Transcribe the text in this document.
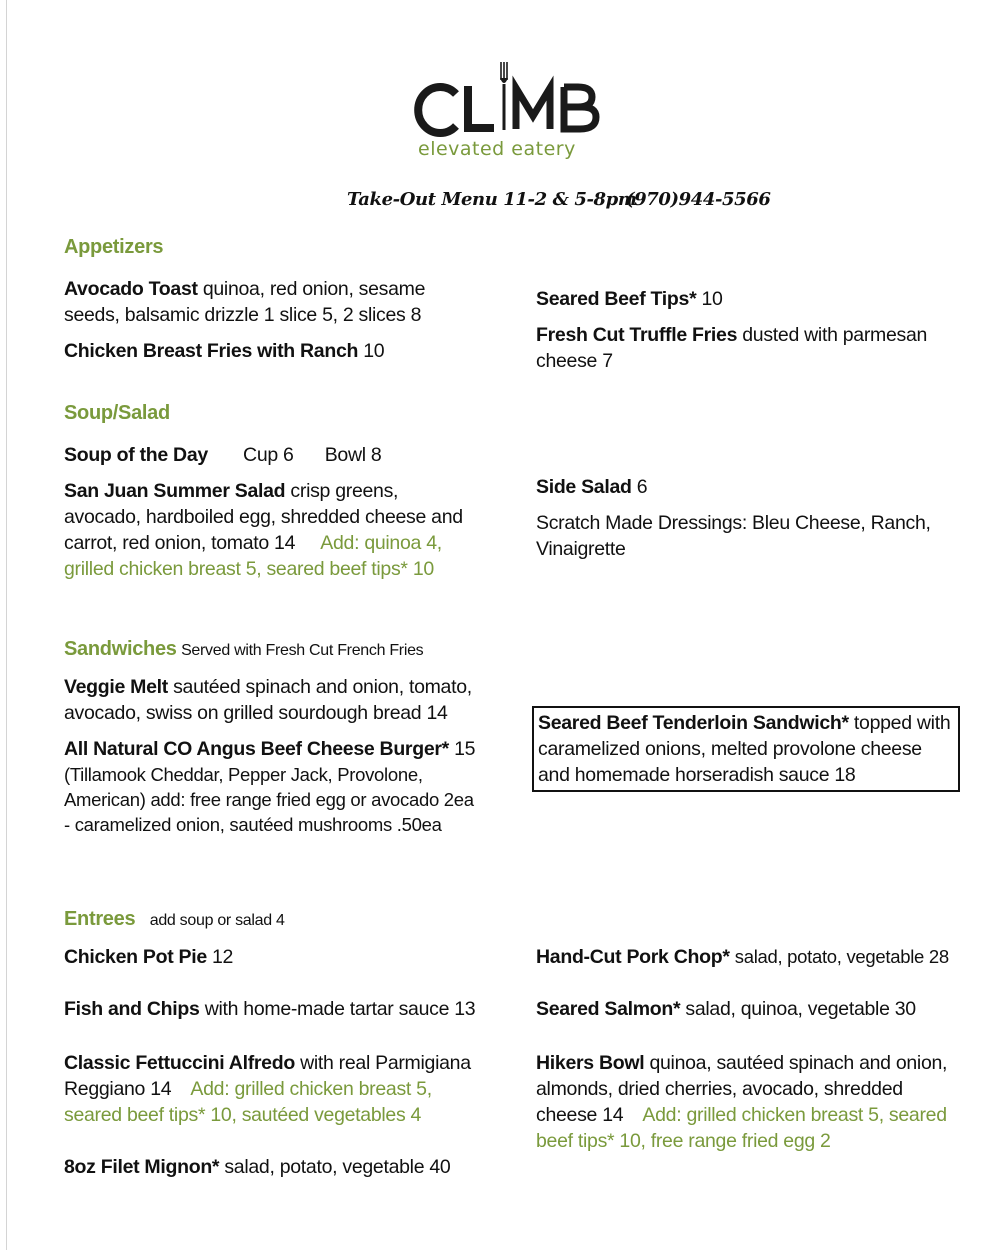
elevated eatery
Take-Out Menu 11-2 & 5-8pm
(970)944-5566
Appetizers
Avocado Toast quinoa, red onion, sesame seeds, balsamic drizzle 1 slice 5, 2 slices 8
Chicken Breast Fries with Ranch 10
Seared Beef Tips* 10
Fresh Cut Truffle Fries dusted with parmesan cheese 7
Soup/Salad
Soup of the Day Cup 6 Bowl 8
San Juan Summer Salad crisp greens, avocado, hardboiled egg, shredded cheese and carrot, red onion, tomato 14 Add: quinoa 4, grilled chicken breast 5, seared beef tips* 10
Side Salad 6
Scratch Made Dressings: Bleu Cheese, Ranch, Vinaigrette
Sandwiches Served with Fresh Cut French Fries
Veggie Melt sautéed spinach and onion, tomato, avocado, swiss on grilled sourdough bread 14
All Natural CO Angus Beef Cheese Burger* 15
(Tillamook Cheddar, Pepper Jack, Provolone, American) add: free range fried egg or avocado 2ea - caramelized onion, sautéed mushrooms .50ea
Seared Beef Tenderloin Sandwich* topped with caramelized onions, melted provolone cheese and homemade horseradish sauce 18
Entrees add soup or salad 4
Chicken Pot Pie 12
Fish and Chips with home-made tartar sauce 13
Classic Fettuccini Alfredo with real Parmigiana Reggiano 14 Add: grilled chicken breast 5, seared beef tips* 10, sautéed vegetables 4
8oz Filet Mignon* salad, potato, vegetable 40
Hand-Cut Pork Chop* salad, potato, vegetable 28
Seared Salmon* salad, quinoa, vegetable 30
Hikers Bowl quinoa, sautéed spinach and onion, almonds, dried cherries, avocado, shredded cheese 14 Add: grilled chicken breast 5, seared beef tips* 10, free range fried egg 2
